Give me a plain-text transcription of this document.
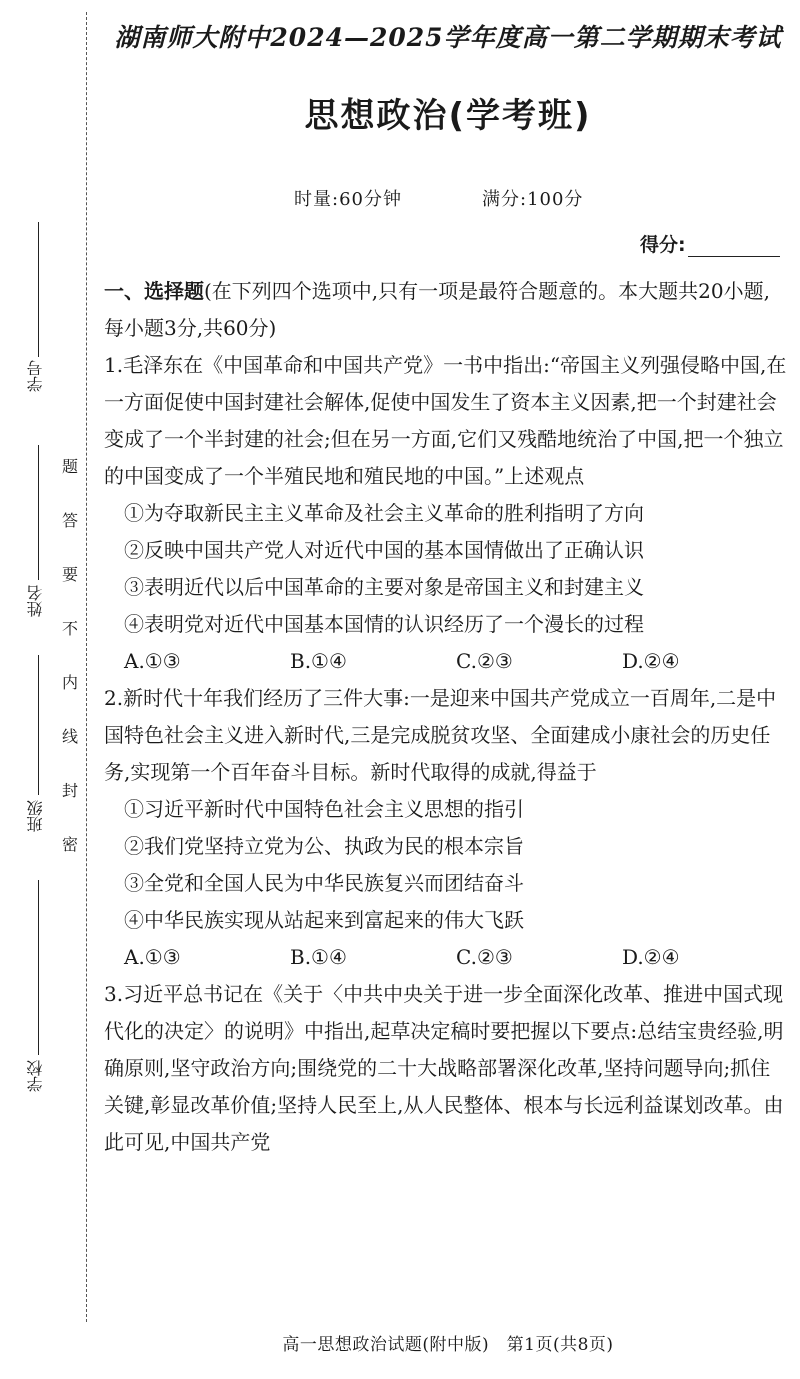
学号
姓名
班级
学校
题
答
要
不
内
线
封
密
湖南师大附中2024—2025学年度高一第二学期期末考试
思想政治(学考班)
时量:60分钟	满分:100分
得分:

一、选择题(在下列四个选项中,只有一项是最符合题意的。本大题共20小题,每小题3分,共60分)

1.毛泽东在《中国革命和中国共产党》一书中指出:“帝国主义列强侵略中国,在一方面促使中国封建社会解体,促使中国发生了资本主义因素,把一个封建社会变成了一个半封建的社会;但在另一方面,它们又残酷地统治了中国,把一个独立的中国变成了一个半殖民地和殖民地的中国。”上述观点

①为夺取新民主主义革命及社会主义革命的胜利指明了方向

②反映中国共产党人对近代中国的基本国情做出了正确认识

③表明近代以后中国革命的主要对象是帝国主义和封建主义

④表明党对近代中国基本国情的认识经历了一个漫长的过程

A.①③	B.①④	C.②③	D.②④

2.新时代十年我们经历了三件大事:一是迎来中国共产党成立一百周年,二是中国特色社会主义进入新时代,三是完成脱贫攻坚、全面建成小康社会的历史任务,实现第一个百年奋斗目标。新时代取得的成就,得益于

①习近平新时代中国特色社会主义思想的指引

②我们党坚持立党为公、执政为民的根本宗旨

③全党和全国人民为中华民族复兴而团结奋斗

④中华民族实现从站起来到富起来的伟大飞跃

A.①③	B.①④	C.②③	D.②④

3.习近平总书记在《关于〈中共中央关于进一步全面深化改革、推进中国式现代化的决定〉的说明》中指出,起草决定稿时要把握以下要点:总结宝贵经验,明确原则,坚守政治方向;围绕党的二十大战略部署深化改革,坚持问题导向;抓住关键,彰显改革价值;坚持人民至上,从人民整体、根本与长远利益谋划改革。由此可见,中国共产党

高一思想政治试题(附中版)　第1页(共8页)
